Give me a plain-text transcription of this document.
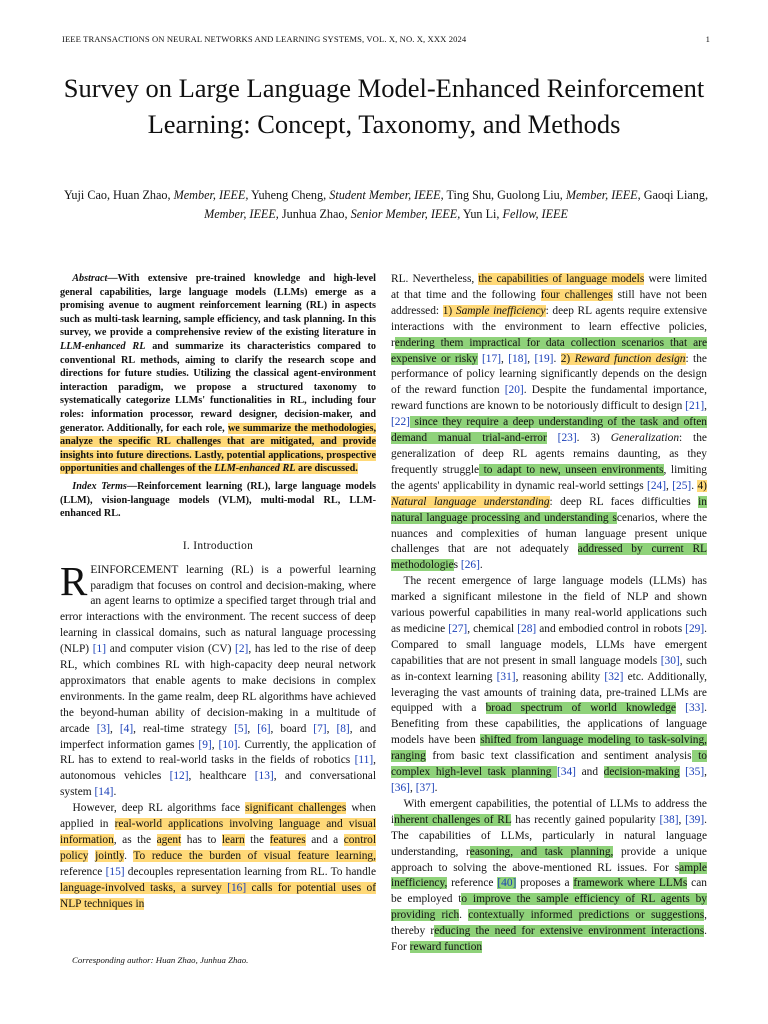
IEEE TRANSACTIONS ON NEURAL NETWORKS AND LEARNING SYSTEMS, VOL. X, NO. X, XXX 2024	1
Survey on Large Language Model-Enhanced Reinforcement Learning: Concept, Taxonomy, and Methods
Yuji Cao, Huan Zhao, Member, IEEE, Yuheng Cheng, Student Member, IEEE, Ting Shu, Guolong Liu, Member, IEEE, Gaoqi Liang, Member, IEEE, Junhua Zhao, Senior Member, IEEE, Yun Li, Fellow, IEEE

Abstract—With extensive pre-trained knowledge and high-level general capabilities, large language models (LLMs) emerge as a promising avenue to augment reinforcement learning (RL) in aspects such as multi-task learning, sample efficiency, and task planning. In this survey, we provide a comprehensive review of the existing literature in LLM-enhanced RL and summarize its characteristics compared to conventional RL methods, aiming to clarify the research scope and directions for future studies. Utilizing the classical agent-environment interaction paradigm, we propose a structured taxonomy to systematically categorize LLMs' functionalities in RL, including four roles: information processor, reward designer, decision-maker, and generator. Additionally, for each role, we summarize the methodologies, analyze the specific RL challenges that are mitigated, and provide insights into future directions. Lastly, potential applications, prospective opportunities and challenges of the LLM-enhanced RL are discussed.

Index Terms—Reinforcement learning (RL), large language models (LLM), vision-language models (VLM), multi-modal RL, LLM-enhanced RL.

I. Introduction

REINFORCEMENT learning (RL) is a powerful learning paradigm that focuses on control and decision-making, where an agent learns to optimize a specified target through trial and error interactions with the environment. The recent success of deep learning in classical domains, such as natural language processing (NLP) [1] and computer vision (CV) [2], has led to the rise of deep RL, which combines RL with high-capacity deep neural network approximators that enable agents to make decisions in complex environments. In the game realm, deep RL algorithms have achieved the beyond-human ability of decision-making in a multitude of arcade [3], [4], real-time strategy [5], [6], board [7], [8], and imperfect information games [9], [10]. Currently, the application of RL has to extend to real-world tasks in the fields of robotics [11], autonomous vehicles [12], healthcare [13], and conversational system [14].

However, deep RL algorithms face significant challenges when applied in real-world applications involving language and visual information, as the agent has to learn the features and a control policy jointly. To reduce the burden of visual feature learning, reference [15] decouples representation learning from RL. To handle language-involved tasks, a survey [16] calls for potential uses of NLP techniques in

RL. Nevertheless, the capabilities of language models were limited at that time and the following four challenges still have not been addressed: 1) Sample inefficiency: deep RL agents require extensive interactions with the environment to learn effective policies, rendering them impractical for data collection scenarios that are expensive or risky [17], [18], [19]. 2) Reward function design: the performance of policy learning significantly depends on the design of the reward function [20]. Despite the fundamental importance, reward functions are known to be notoriously difficult to design [21], [22] since they require a deep understanding of the task and often demand manual trial-and-error [23]. 3) Generalization: the generalization of deep RL agents remains daunting, as they frequently struggle to adapt to new, unseen environments, limiting the agents' applicability in dynamic real-world settings [24], [25]. 4) Natural language understanding: deep RL faces difficulties in natural language processing and understanding scenarios, where the nuances and complexities of human language present unique challenges that are not adequately addressed by current RL methodologies [26].

The recent emergence of large language models (LLMs) has marked a significant milestone in the field of NLP and shown various powerful capabilities in many real-world applications such as medicine [27], chemical [28] and embodied control in robots [29]. Compared to small language models, LLMs have emergent capabilities that are not present in small language models [30], such as in-context learning [31], reasoning ability [32] etc. Additionally, leveraging the vast amounts of training data, pre-trained LLMs are equipped with a broad spectrum of world knowledge [33]. Benefiting from these capabilities, the applications of language models have been shifted from language modeling to task-solving, ranging from basic text classification and sentiment analysis to complex high-level task planning [34] and decision-making [35], [36], [37].

With emergent capabilities, the potential of LLMs to address the inherent challenges of RL has recently gained popularity [38], [39]. The capabilities of LLMs, particularly in natural language understanding, reasoning, and task planning, provide a unique approach to solving the above-mentioned RL issues. For sample inefficiency, reference [40] proposes a framework where LLMs can be employed to improve the sample efficiency of RL agents by providing rich. contextually informed predictions or suggestions, thereby reducing the need for extensive environment interactions. For reward function

Corresponding author: Huan Zhao, Junhua Zhao.
